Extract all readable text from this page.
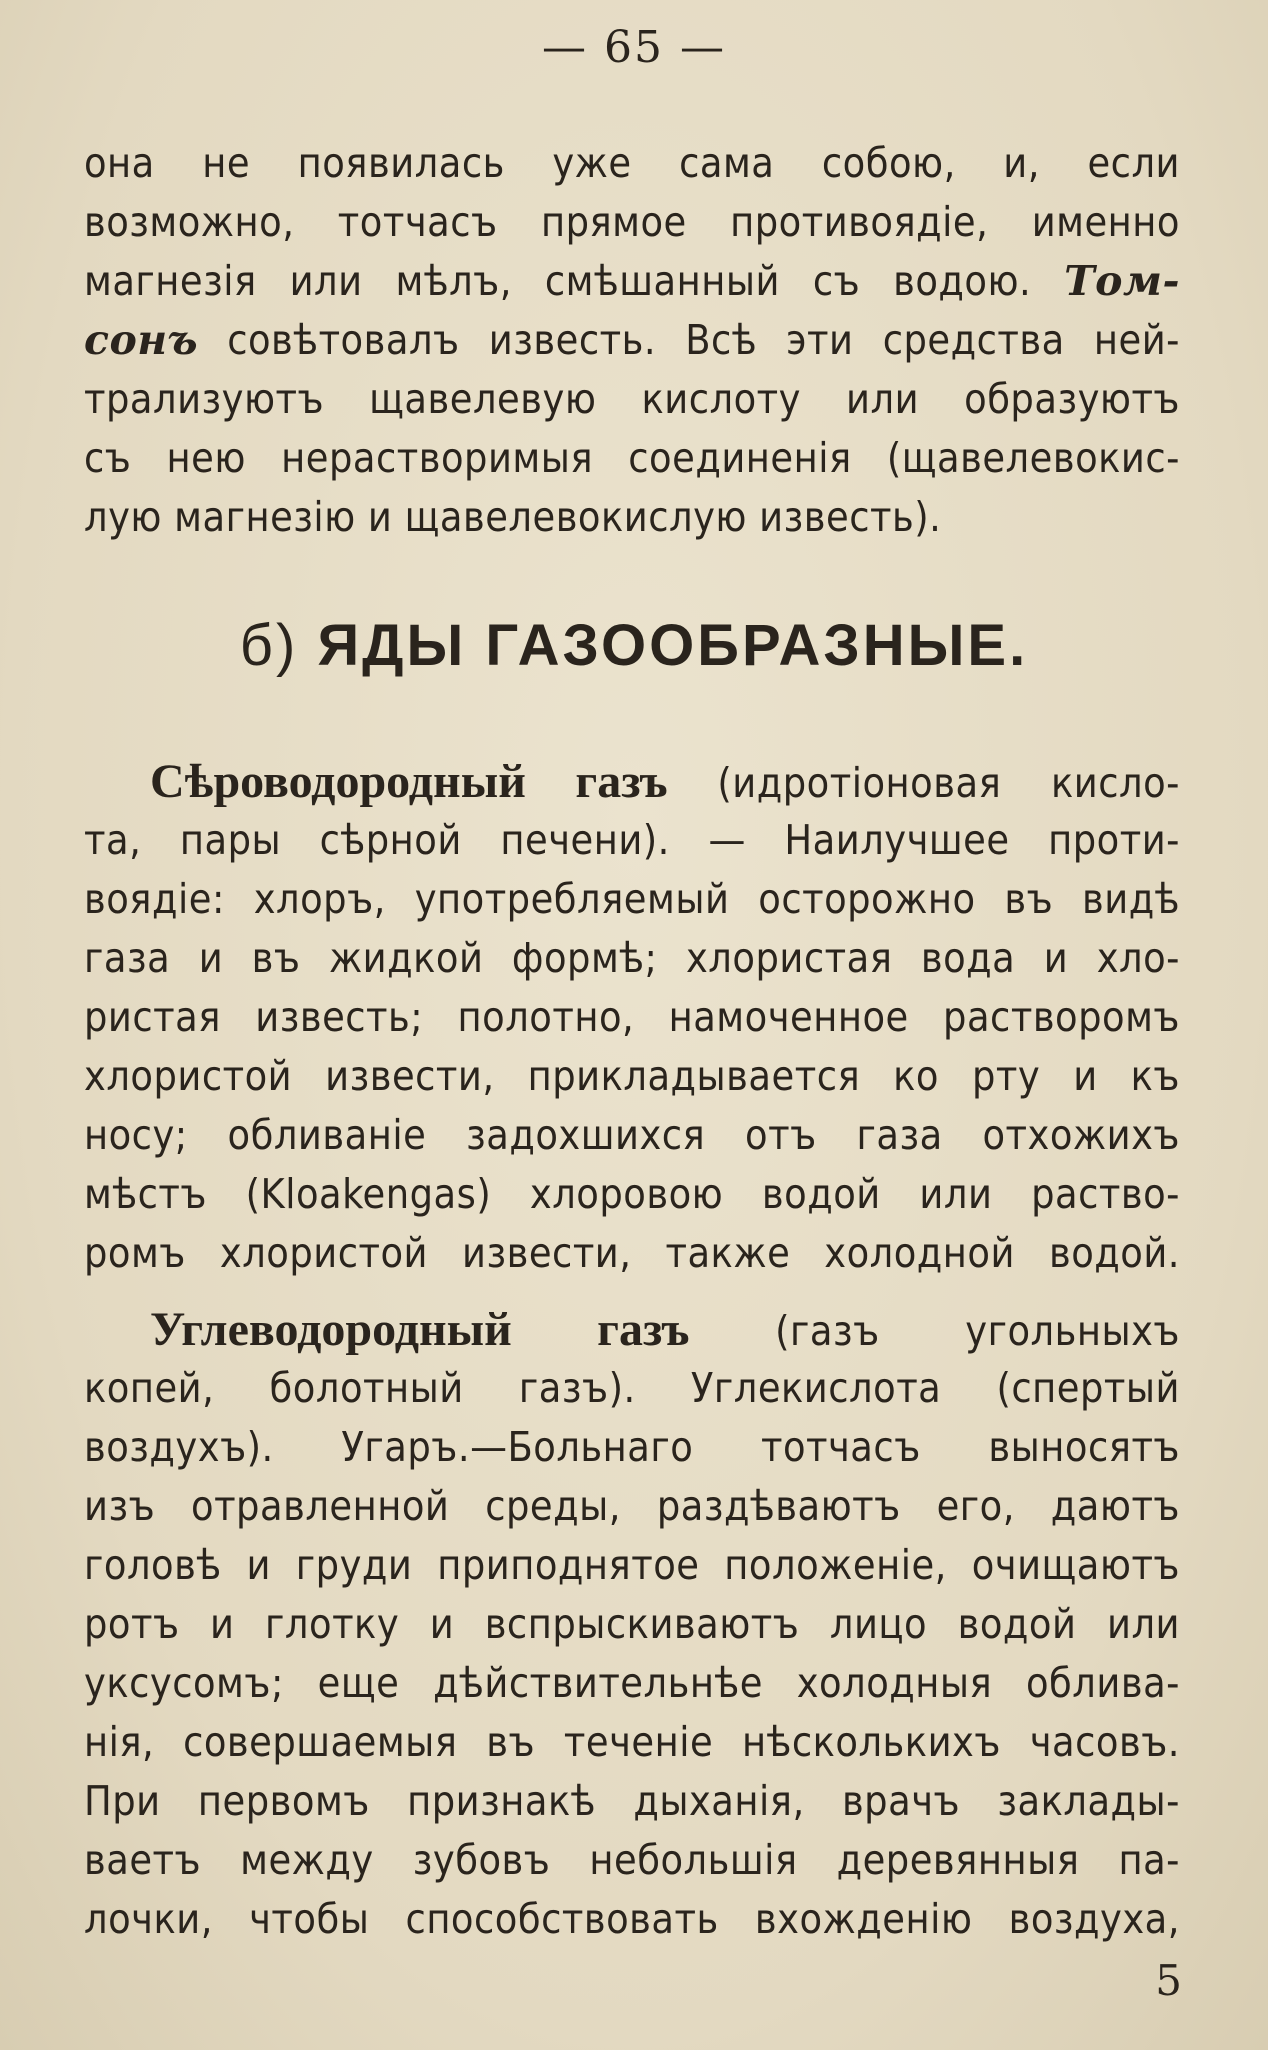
— 65 —
она не появилась уже сама собою, и, если
возможно, тотчасъ прямое противоядіе, именно
магнезія или мѣлъ, смѣшанный съ водою. Том-
сонъ совѣтовалъ известь. Всѣ эти средства ней-
трализуютъ щавелевую кислоту или образуютъ
съ нею нерастворимыя соединенія (щавелевокис-
лую магнезію и щавелевокислую известь).
б) ЯДЫ ГАЗООБРАЗНЫЕ.
Сѣроводородный газъ (идротіоновая кисло-
та, пары сѣрной печени). — Наилучшее проти-
воядіе: хлоръ, употребляемый осторожно въ видѣ
газа и въ жидкой формѣ; хлористая вода и хло-
ристая известь; полотно, намоченное растворомъ
хлористой извести, прикладывается ко рту и къ
носу; обливаніе задохшихся отъ газа отхожихъ
мѣстъ (Kloakengas) хлоровою водой или раство-
ромъ хлористой извести, также холодной водой.
Углеводородный газъ (газъ угольныхъ
копей, болотный газъ). Углекислота (спертый
воздухъ). Угаръ.—Больнаго тотчасъ выносятъ
изъ отравленной среды, раздѣваютъ его, даютъ
головѣ и груди приподнятое положеніе, очищаютъ
ротъ и глотку и вспрыскиваютъ лицо водой или
уксусомъ; еще дѣйствительнѣе холодныя облива-
нія, совершаемыя въ теченіе нѣсколькихъ часовъ.
При первомъ признакѣ дыханія, врачъ заклады-
ваетъ между зубовъ небольшія деревянныя па-
лочки, чтобы способствовать вхожденію воздуха,
5
